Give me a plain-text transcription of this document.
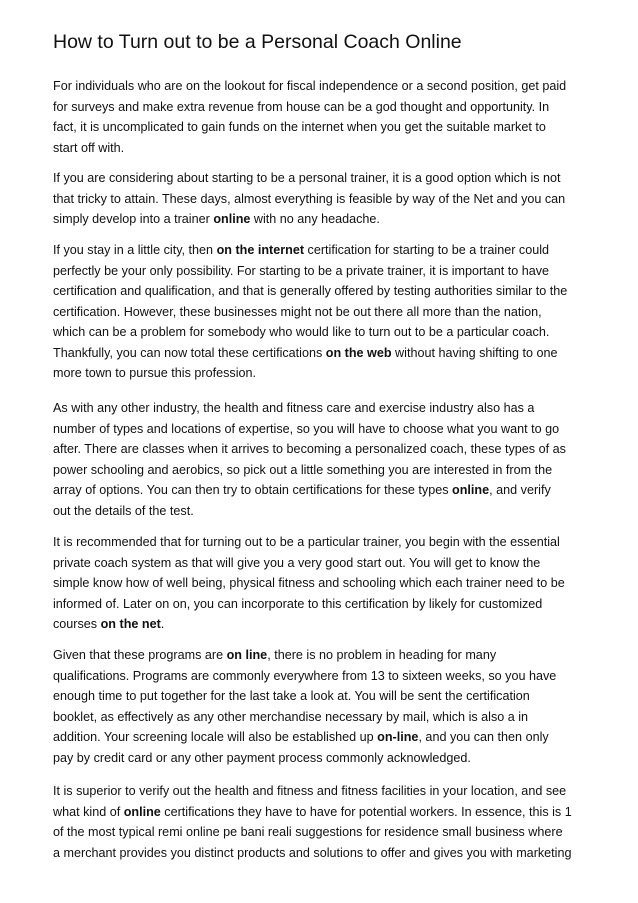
How to Turn out to be a Personal Coach Online

For individuals who are on the lookout for fiscal independence or a second position, get paid
for surveys and make extra revenue from house can be a god thought and opportunity. In
fact, it is uncomplicated to gain funds on the internet when you get the suitable market to
start off with.

If you are considering about starting to be a personal trainer, it is a good option which is not
that tricky to attain. These days, almost everything is feasible by way of the Net and you can
simply develop into a trainer online with no any headache.

If you stay in a little city, then on the internet certification for starting to be a trainer could
perfectly be your only possibility. For starting to be a private trainer, it is important to have
certification and qualification, and that is generally offered by testing authorities similar to the
certification. However, these businesses might not be out there all more than the nation,
which can be a problem for somebody who would like to turn out to be a particular coach.
Thankfully, you can now total these certifications on the web without having shifting to one
more town to pursue this profession.

As with any other industry, the health and fitness care and exercise industry also has a
number of types and locations of expertise, so you will have to choose what you want to go
after. There are classes when it arrives to becoming a personalized coach, these types of as
power schooling and aerobics, so pick out a little something you are interested in from the
array of options. You can then try to obtain certifications for these types online, and verify
out the details of the test.

It is recommended that for turning out to be a particular trainer, you begin with the essential
private coach system as that will give you a very good start out. You will get to know the
simple know how of well being, physical fitness and schooling which each trainer need to be
informed of. Later on on, you can incorporate to this certification by likely for customized
courses on the net.

Given that these programs are on line, there is no problem in heading for many
qualifications. Programs are commonly everywhere from 13 to sixteen weeks, so you have
enough time to put together for the last take a look at. You will be sent the certification
booklet, as effectively as any other merchandise necessary by mail, which is also a in
addition. Your screening locale will also be established up on-line, and you can then only
pay by credit card or any other payment process commonly acknowledged.

It is superior to verify out the health and fitness and fitness facilities in your location, and see
what kind of online certifications they have to have for potential workers. In essence, this is 1
of the most typical remi online pe bani reali suggestions for residence small business where
a merchant provides you distinct products and solutions to offer and gives you with marketing
